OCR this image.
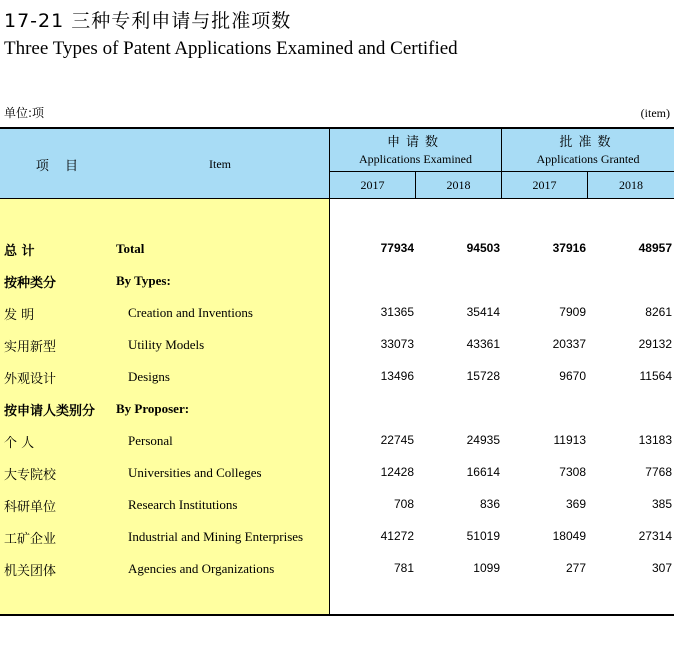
17-21 三种专利申请与批准项数
Three Types of Patent Applications Examined and Certified
单位:项	(item)
项 目	Item
申请数
Applications Examined
批准数
Applications Granted
2017	2018	2017	2018
总 计	Total	77934	94503	37916	48957
按种类分	By Types:
发 明	Creation and Inventions	31365	35414	7909	8261
实用新型	Utility Models	33073	43361	20337	29132
外观设计	Designs	13496	15728	9670	11564
按申请人类别分 By Proposer:
个 人	Personal	22745	24935	11913	13183
大专院校	Universities and Colleges	12428	16614	7308	7768
科研单位	Research Institutions	708	836	369	385
工矿企业	Industrial and Mining Enterprises	41272	51019	18049	27314
机关团体	Agencies and Organizations	781	1099	277	307
